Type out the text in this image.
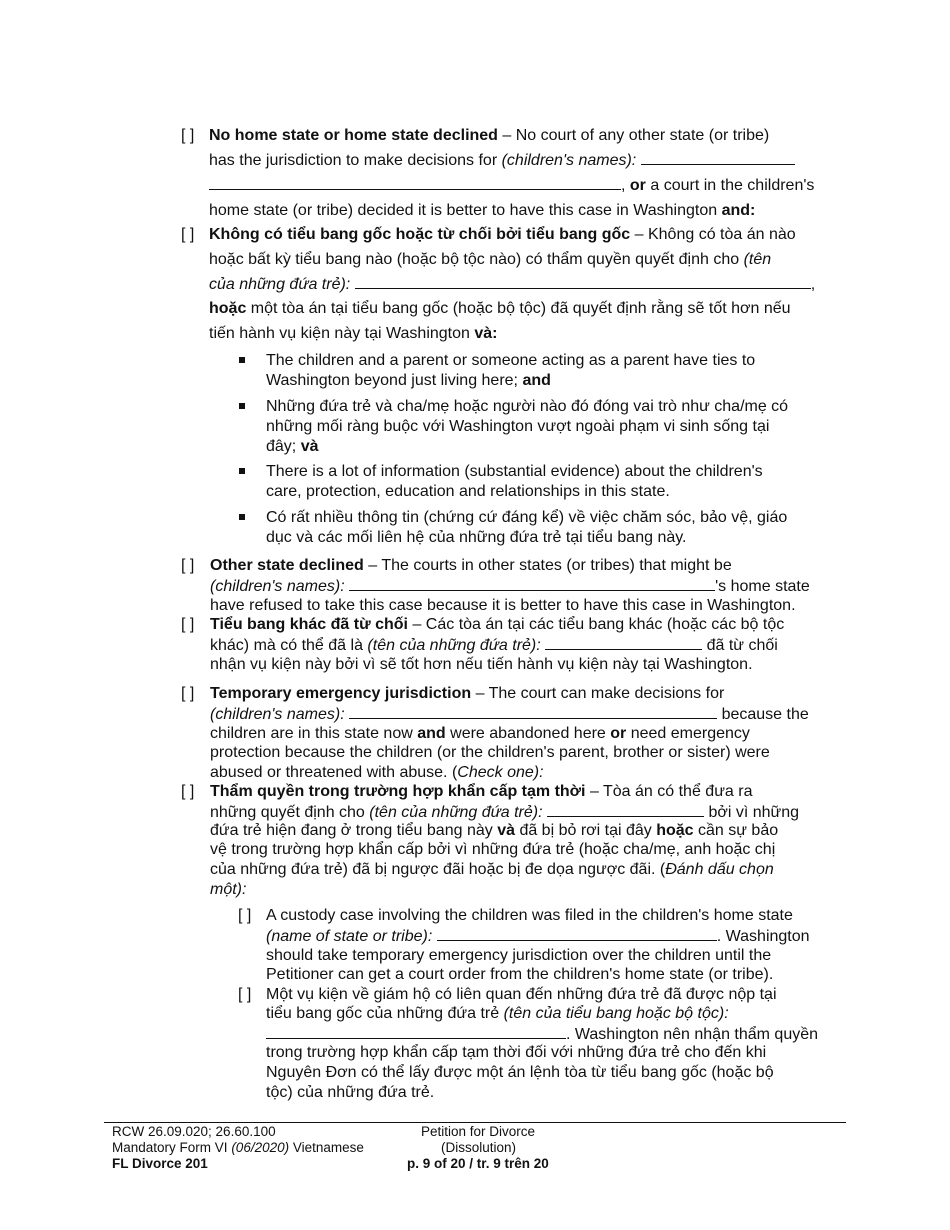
[ ] No home state or home state declined – No court of any other state (or tribe)
has the jurisdiction to make decisions for (children's names):
, or a court in the children's
home state (or tribe) decided it is better to have this case in Washington and:
[ ] Không có tiểu bang gốc hoặc từ chối bởi tiểu bang gốc – Không có tòa án nào
hoặc bất kỳ tiểu bang nào (hoặc bộ tộc nào) có thẩm quyền quyết định cho (tên
của những đứa trẻ):	,
hoặc một tòa án tại tiểu bang gốc (hoặc bộ tộc) đã quyết định rằng sẽ tốt hơn nếu
tiến hành vụ kiện này tại Washington và:
The children and a parent or someone acting as a parent have ties to
Washington beyond just living here; and
Những đứa trẻ và cha/mẹ hoặc người nào đó đóng vai trò như cha/mẹ có
những mối ràng buộc với Washington vượt ngoài phạm vi sinh sống tại
đây; và
There is a lot of information (substantial evidence) about the children's
care, protection, education and relationships in this state.
Có rất nhiều thông tin (chứng cứ đáng kể) về việc chăm sóc, bảo vệ, giáo
dục và các mối liên hệ của những đứa trẻ tại tiểu bang này.
[ ] Other state declined – The courts in other states (or tribes) that might be
(children's names):	's home state
have refused to take this case because it is better to have this case in Washington.
[ ] Tiểu bang khác đã từ chối – Các tòa án tại các tiểu bang khác (hoặc các bộ tộc
khác) mà có thể đã là (tên của những đứa trẻ):	đã từ chối
nhận vụ kiện này bởi vì sẽ tốt hơn nếu tiến hành vụ kiện này tại Washington.
[ ] Temporary emergency jurisdiction – The court can make decisions for
(children's names):	because the
children are in this state now and were abandoned here or need emergency
protection because the children (or the children's parent, brother or sister) were
abused or threatened with abuse. (Check one):
[ ] Thẩm quyền trong trường hợp khẩn cấp tạm thời – Tòa án có thể đưa ra
những quyết định cho (tên của những đứa trẻ):	bởi vì những
đứa trẻ hiện đang ở trong tiểu bang này và đã bị bỏ rơi tại đây hoặc cần sự bảo
vệ trong trường hợp khẩn cấp bởi vì những đứa trẻ (hoặc cha/mẹ, anh hoặc chị
của những đứa trẻ) đã bị ngược đãi hoặc bị đe dọa ngược đãi. (Đánh dấu chọn
một):
[ ] A custody case involving the children was filed in the children's home state
(name of state or tribe):	. Washington
should take temporary emergency jurisdiction over the children until the
Petitioner can get a court order from the children's home state (or tribe).
[ ] Một vụ kiện về giám hộ có liên quan đến những đứa trẻ đã được nộp tại
tiểu bang gốc của những đứa trẻ (tên của tiểu bang hoặc bộ tộc):
. Washington nên nhận thẩm quyền
trong trường hợp khẩn cấp tạm thời đối với những đứa trẻ cho đến khi
Nguyên Đơn có thể lấy được một án lệnh tòa từ tiểu bang gốc (hoặc bộ
tộc) của những đứa trẻ.
RCW 26.09.020; 26.60.100
Mandatory Form VI (06/2020) Vietnamese
FL Divorce 201
Petition for Divorce
(Dissolution)
p. 9 of 20 / tr. 9 trên 20
